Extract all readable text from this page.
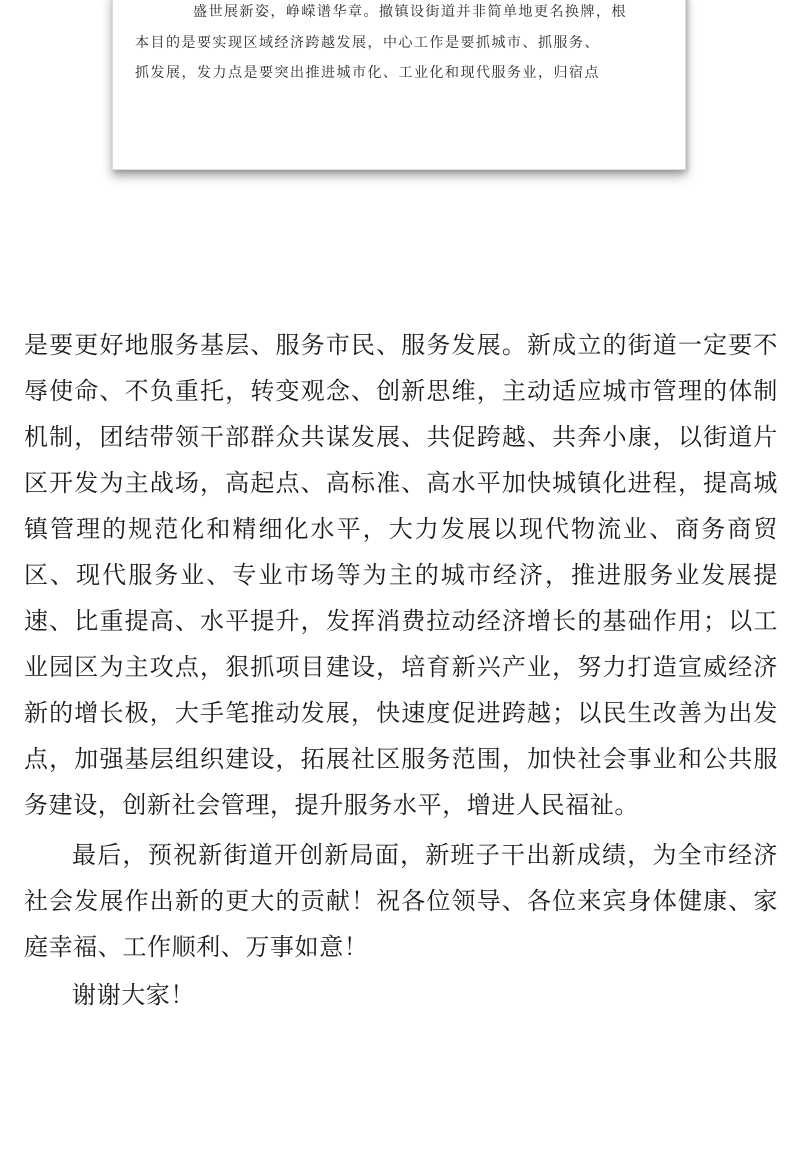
盛世展新姿，峥嵘谱华章。撤镇设街道并非简单地更名换牌，根
本目的是要实现区域经济跨越发展，中心工作是要抓城市、抓服务、
抓发展，发力点是要突出推进城市化、工业化和现代服务业，归宿点
是要更好地服务基层、服务市民、服务发展。新成立的街道一定要不
辱使命、不负重托，转变观念、创新思维，主动适应城市管理的体制
机制，团结带领干部群众共谋发展、共促跨越、共奔小康，以街道片
区开发为主战场，高起点、高标准、高水平加快城镇化进程，提高城
镇管理的规范化和精细化水平，大力发展以现代物流业、商务商贸
区、现代服务业、专业市场等为主的城市经济，推进服务业发展提
速、比重提高、水平提升，发挥消费拉动经济增长的基础作用；以工
业园区为主攻点，狠抓项目建设，培育新兴产业，努力打造宣威经济
新的增长极，大手笔推动发展，快速度促进跨越；以民生改善为出发
点，加强基层组织建设，拓展社区服务范围，加快社会事业和公共服
务建设，创新社会管理，提升服务水平，增进人民福祉。
最后，预祝新街道开创新局面，新班子干出新成绩，为全市经济
社会发展作出新的更大的贡献！祝各位领导、各位来宾身体健康、家
庭幸福、工作顺利、万事如意！
谢谢大家！
